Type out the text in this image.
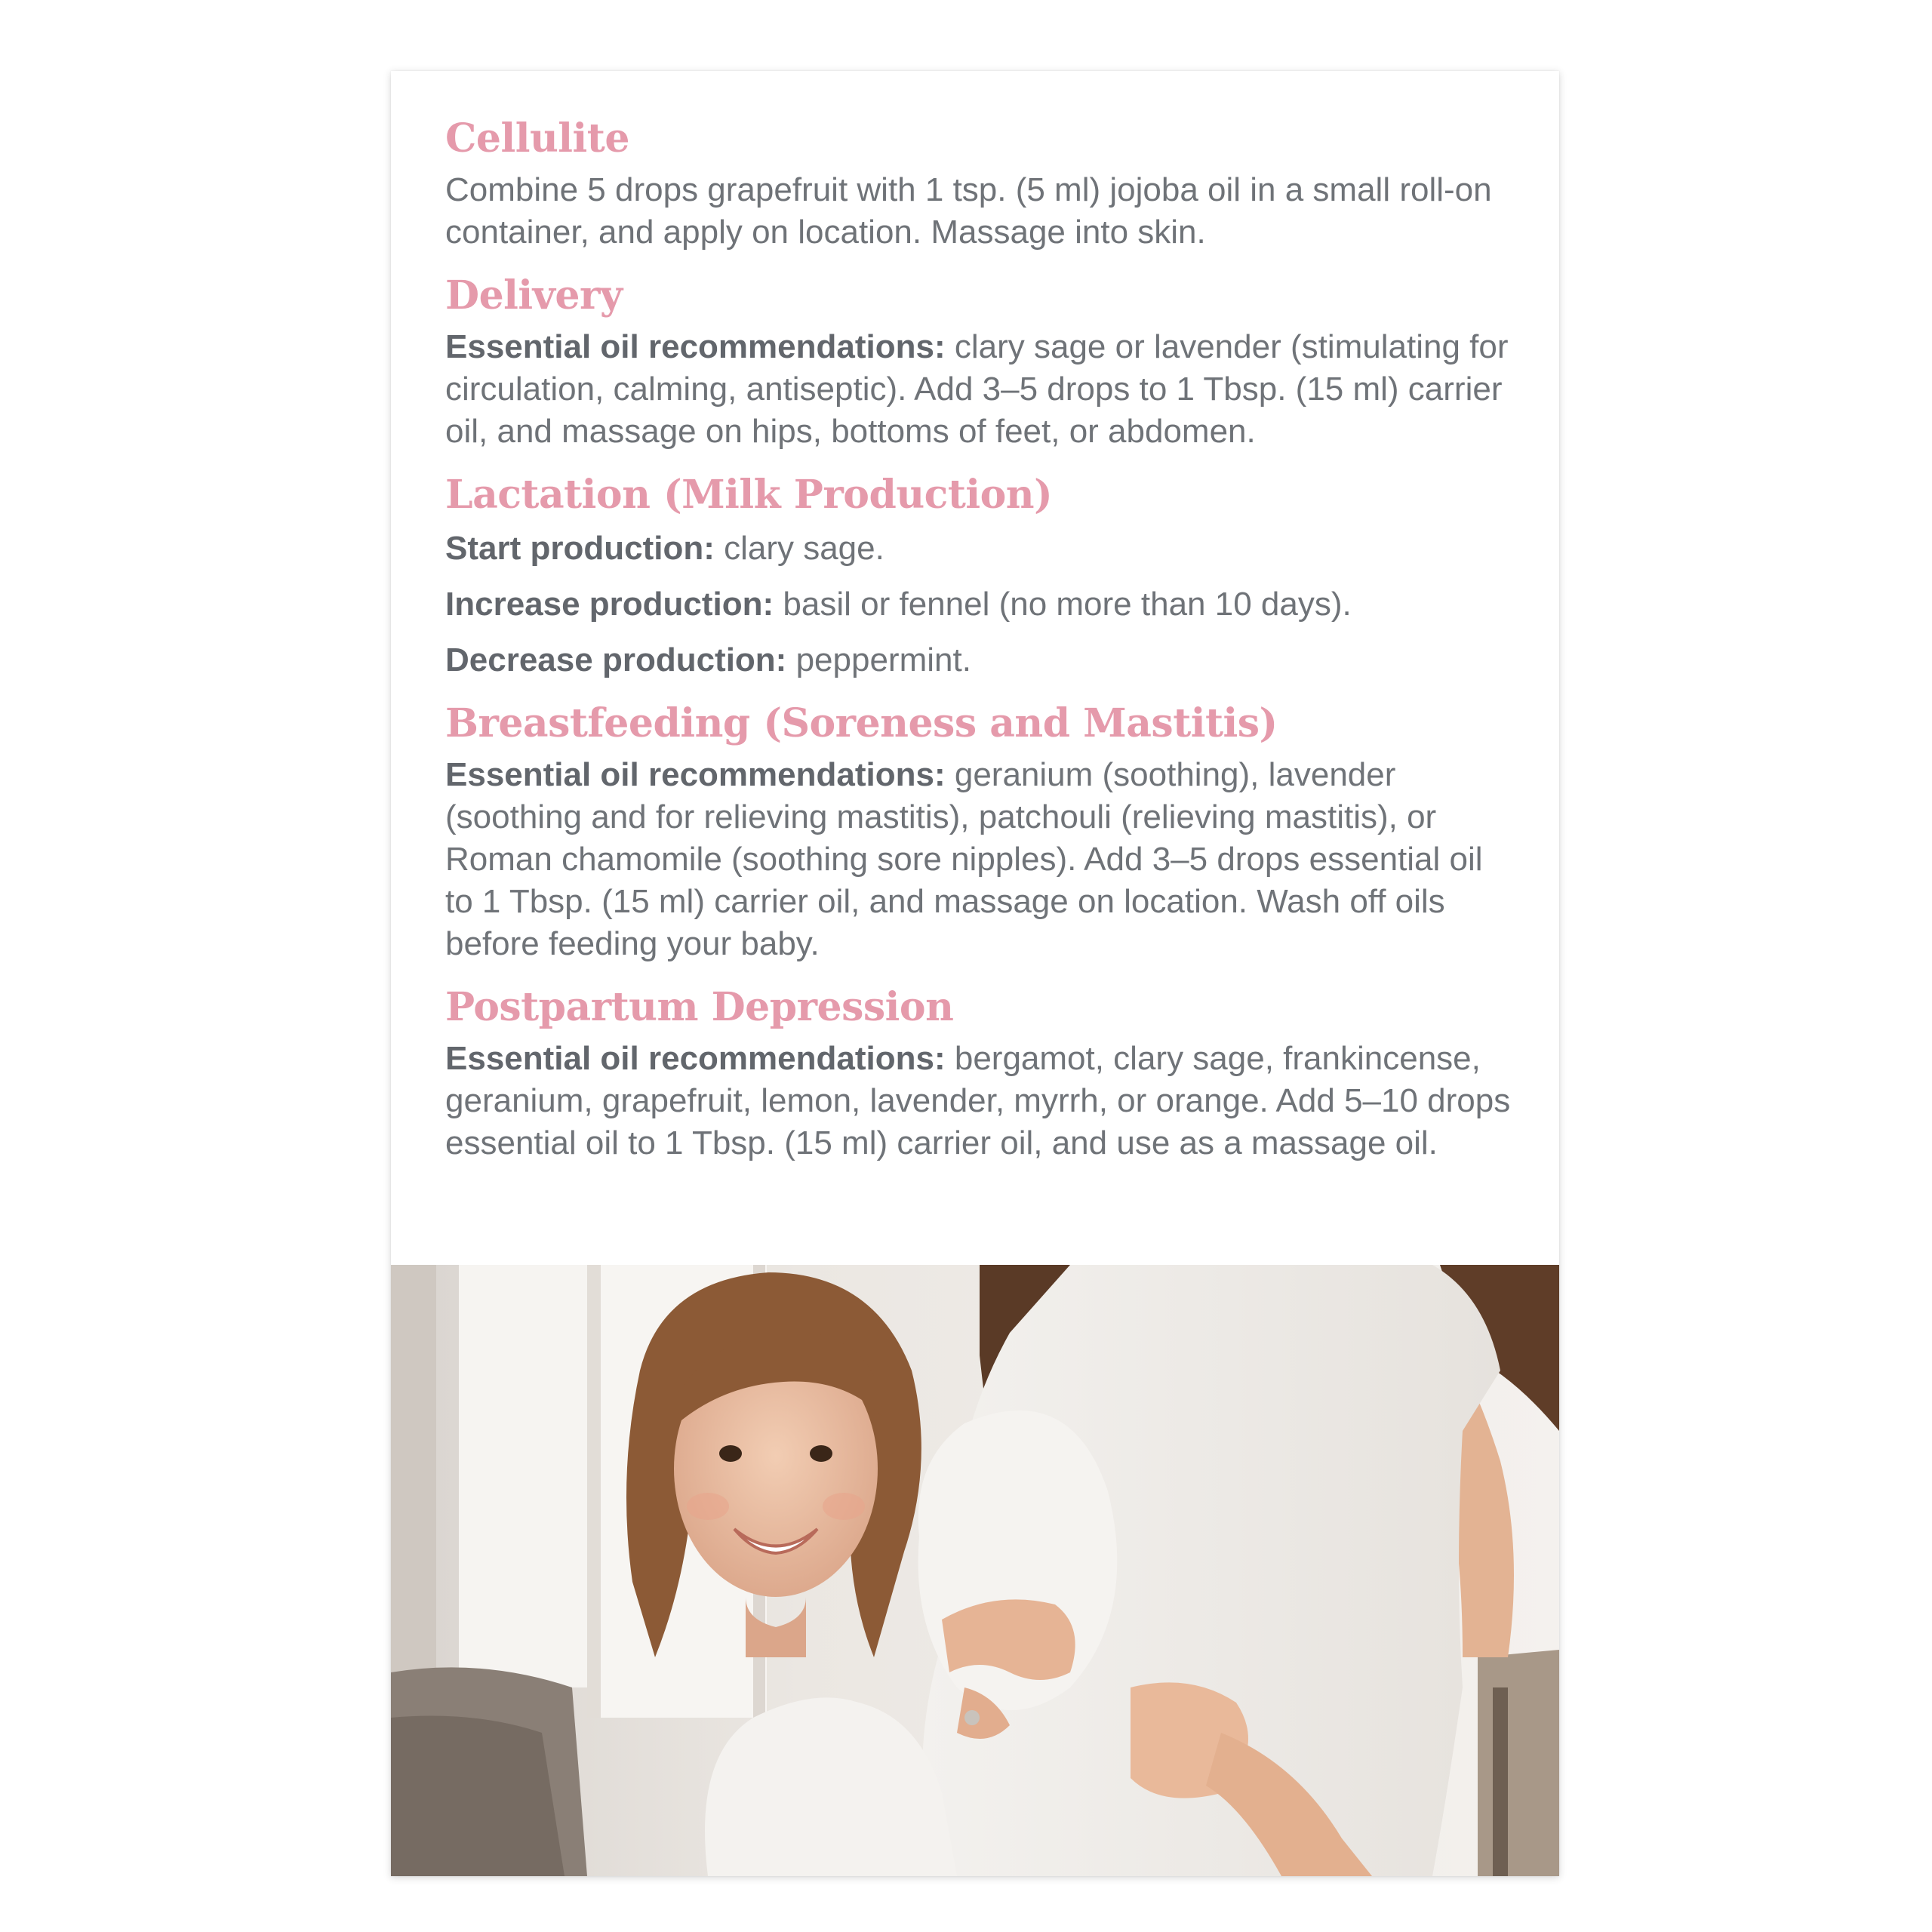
Cellulite

Combine 5 drops grapefruit with 1 tsp. (5 ml) jojoba oil in a small roll-on container, and apply on location. Massage into skin.

Delivery

Essential oil recommendations: clary sage or lavender (stimulating for circulation, calming, antiseptic). Add 3–5 drops to 1 Tbsp. (15 ml) carrier oil, and massage on hips, bottoms of feet, or abdomen.

Lactation (Milk Production)

Start production: clary sage.

Increase production: basil or fennel (no more than 10 days).

Decrease production: peppermint.

Breastfeeding (Soreness and Mastitis)

Essential oil recommendations: geranium (soothing), lavender (soothing and for relieving mastitis), patchouli (relieving mastitis), or Roman chamomile (soothing sore nipples). Add 3–5 drops essential oil to 1 Tbsp. (15 ml) carrier oil, and massage on location. Wash off oils before feeding your baby.

Postpartum Depression

Essential oil recommendations: bergamot, clary sage, frankincense, geranium, grapefruit, lemon, lavender, myrrh, or orange. Add 5–10 drops essential oil to 1 Tbsp. (15 ml) carrier oil, and use as a massage oil.
